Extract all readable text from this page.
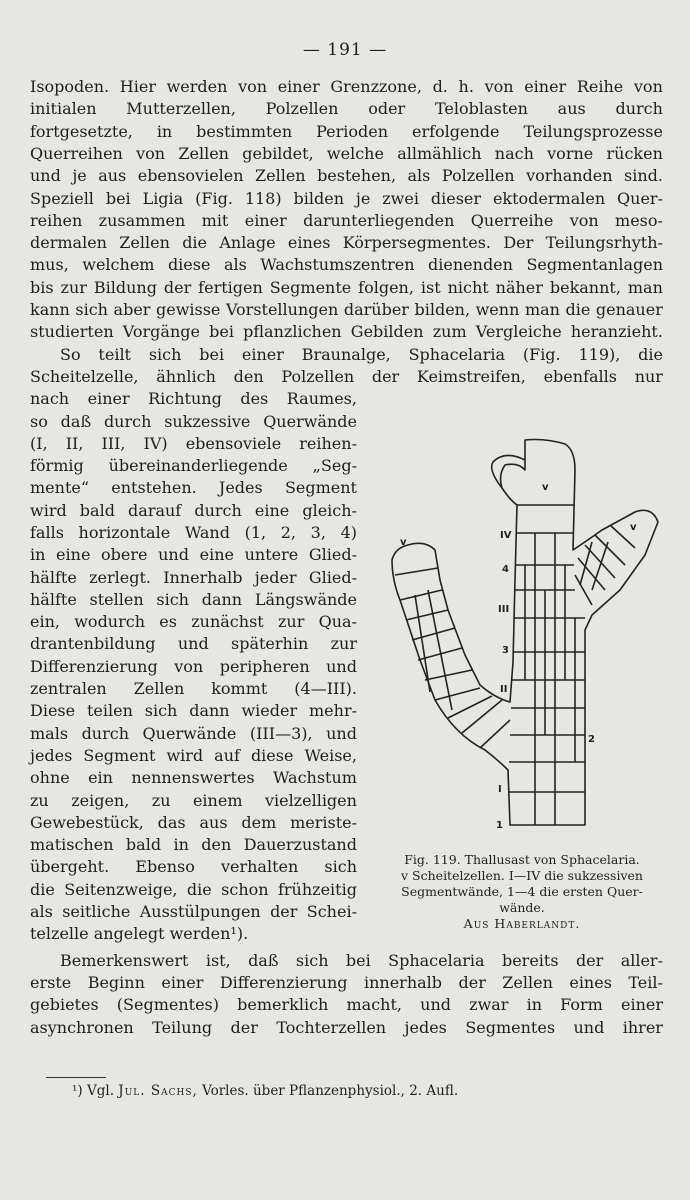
— 191 —
Isopoden. Hier werden von einer Grenzzone, d. h. von einer Reihe von
initialen Mutterzellen, Polzellen oder Teloblasten aus durch
fortgesetzte, in bestimmten Perioden erfolgende Teilungsprozesse
Querreihen von Zellen gebildet, welche allmählich nach vorne rücken
und je aus ebensovielen Zellen bestehen, als Polzellen vorhanden sind.
Speziell bei Ligia (Fig. 118) bilden je zwei dieser ektodermalen Quer-
reihen zusammen mit einer darunterliegenden Querreihe von meso-
dermalen Zellen die Anlage eines Körpersegmentes. Der Teilungsrhyth-
mus, welchem diese als Wachstumszentren dienenden Segmentanlagen
bis zur Bildung der fertigen Segmente folgen, ist nicht näher bekannt, man
kann sich aber gewisse Vorstellungen darüber bilden, wenn man die genauer
studierten Vorgänge bei pflanzlichen Gebilden zum Vergleiche heranzieht.
So teilt sich bei einer Braunalge, Sphacelaria (Fig. 119), die
Scheitelzelle, ähnlich den Polzellen der Keimstreifen, ebenfalls nur
nach einer Richtung des Raumes,
so daß durch sukzessive Querwände
(I, II, III, IV) ebensoviele reihen-
förmig übereinanderliegende „Seg-
mente“ entstehen. Jedes Segment
wird bald darauf durch eine gleich-
falls horizontale Wand (1, 2, 3, 4)
in eine obere und eine untere Glied-
hälfte zerlegt. Innerhalb jeder Glied-
hälfte stellen sich dann Längswände
ein, wodurch es zunächst zur Qua-
drantenbildung und späterhin zur
Differenzierung von peripheren und
zentralen Zellen kommt (4—III).
Diese teilen sich dann wieder mehr-
mals durch Querwände (III—3), und
jedes Segment wird auf diese Weise,
ohne ein nennenswertes Wachstum
zu zeigen, zu einem vielzelligen
Gewebestück, das aus dem meriste-
matischen bald in den Dauerzustand
übergeht. Ebenso verhalten sich
die Seitenzweige, die schon frühzeitig
als seitliche Ausstülpungen der Schei-
telzelle angelegt werden¹).
Bemerkenswert ist, daß sich bei Sphacelaria bereits der aller-
erste Beginn einer Differenzierung innerhalb der Zellen eines Teil-
gebietes (Segmentes) bemerklich macht, und zwar in Form einer
asynchronen Teilung der Tochterzellen jedes Segmentes und ihrer
v
v
v
IV
4
III
3
II
2
I
1
Fig. 119. Thallusast von Sphacelaria.
v Scheitelzellen. I—IV die sukzessiven
Segmentwände, 1—4 die ersten Quer-
wände.
Aus Haberlandt.
¹) Vgl. Jul. Sachs, Vorles. über Pflanzenphysiol., 2. Aufl.
